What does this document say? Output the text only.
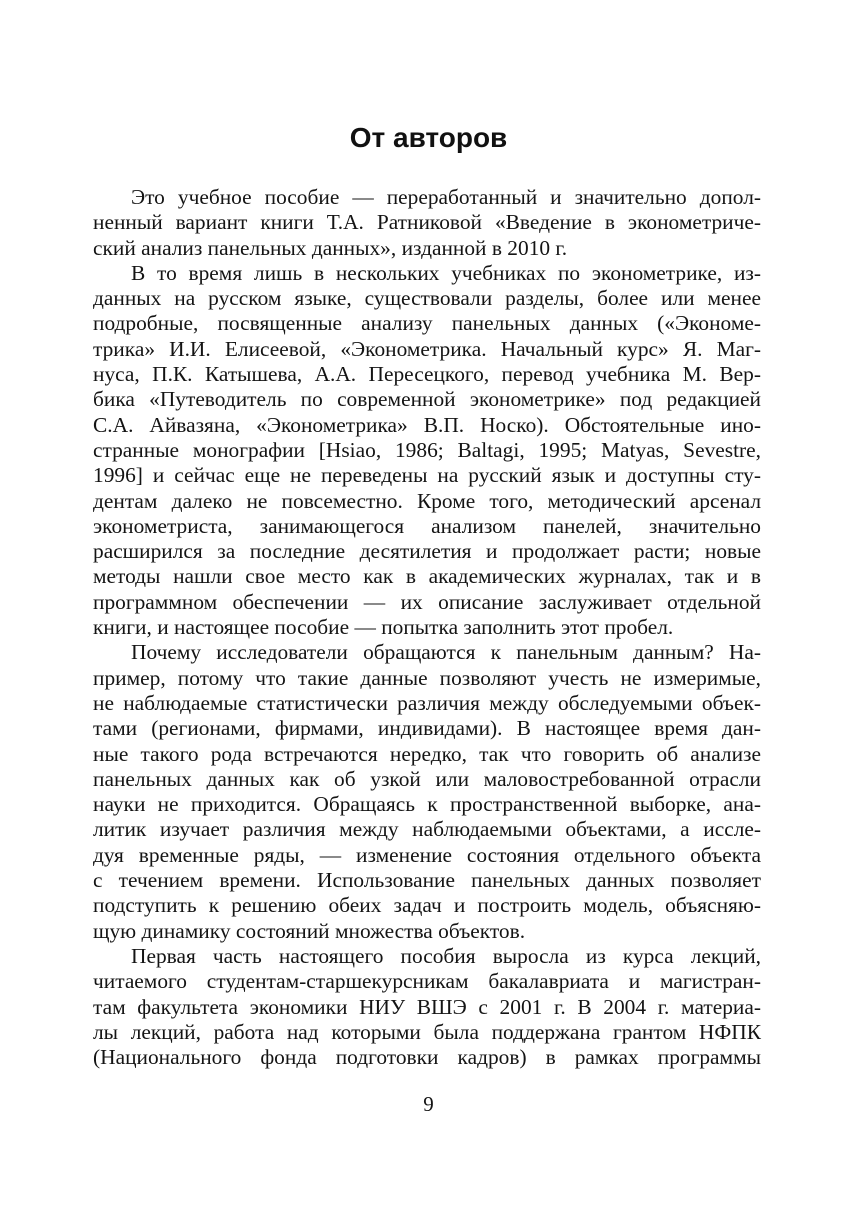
От авторов
Это учебное пособие — переработанный и значительно допол-
ненный вариант книги Т.А. Ратниковой «Введение в эконометриче-
ский анализ панельных данных», изданной в 2010 г.
В то время лишь в нескольких учебниках по эконометрике, из-
данных на русском языке, существовали разделы, более или менее
подробные, посвященные анализу панельных данных («Экономе-
трика» И.И. Елисеевой, «Эконометрика. Начальный курс» Я. Маг-
нуса, П.К. Катышева, А.А. Пересецкого, перевод учебника М. Вер-
бика «Путеводитель по современной эконометрике» под редакцией
С.А. Айвазяна, «Эконометрика» В.П. Носко). Обстоятельные ино-
странные монографии [Hsiao, 1986; Baltagi, 1995; Matyas, Sevestre,
1996] и сейчас еще не переведены на русский язык и доступны сту-
дентам далеко не повсеместно. Кроме того, методический арсенал
эконометриста, занимающегося анализом панелей, значительно
расширился за последние десятилетия и продолжает расти; новые
методы нашли свое место как в академических журналах, так и в
программном обеспечении — их описание заслуживает отдельной
книги, и настоящее пособие — попытка заполнить этот пробел.
Почему исследователи обращаются к панельным данным? На-
пример, потому что такие данные позволяют учесть не измеримые,
не наблюдаемые статистически различия между обследуемыми объек-
тами (регионами, фирмами, индивидами). В настоящее время дан-
ные такого рода встречаются нередко, так что говорить об анализе
панельных данных как об узкой или маловостребованной отрасли
науки не приходится. Обращаясь к пространственной выборке, ана-
литик изучает различия между наблюдаемыми объектами, а иссле-
дуя временные ряды, — изменение состояния отдельного объекта
с течением времени. Использование панельных данных позволяет
подступить к решению обеих задач и построить модель, объясняю-
щую динамику состояний множества объектов.
Первая часть настоящего пособия выросла из курса лекций,
читаемого студентам-старшекурсникам бакалавриата и магистран-
там факультета экономики НИУ ВШЭ с 2001 г. В 2004 г. материа-
лы лекций, работа над которыми была поддержана грантом НФПК
(Национального фонда подготовки кадров) в рамках программы
9
